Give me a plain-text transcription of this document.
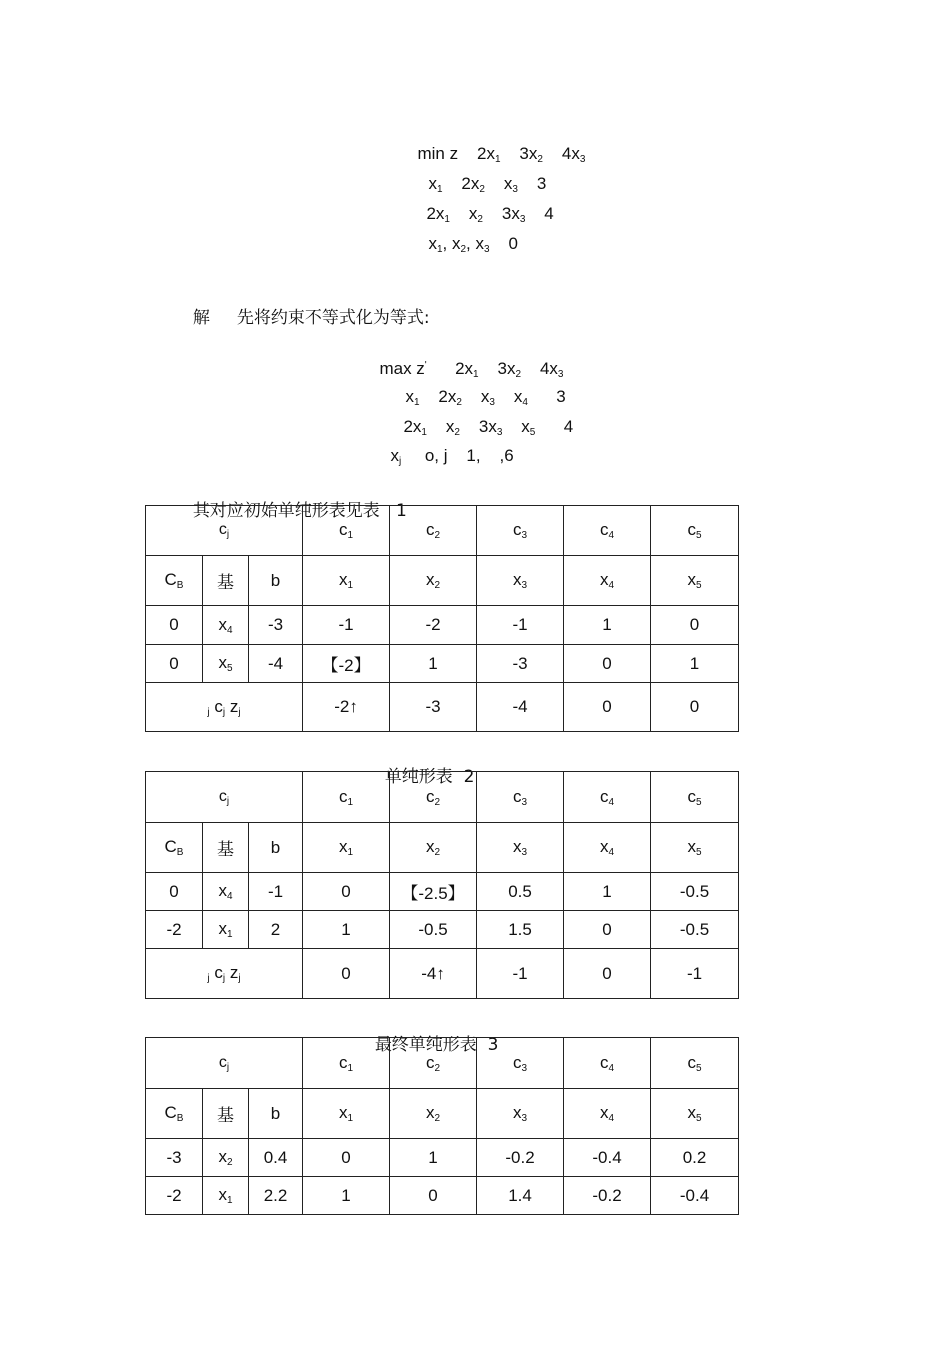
min z $2x_1$ $3x_2$ $4x_3$

$x_1$ $2x_2$ $x_3$ 3

$2x_1$ $x_2$ $3x_3$ 4

$x_1$, $x_2$, $x_3$ 0

解 先将约束不等式化为等式:

max z' $2x_1$ $3x_2$ $4x_3$

$x_1$ $2x_2$ $x_3$ $x_4$ 3

$2x_1$ $x_2$ $3x_3$ $x_5$ 4

$x_j$ o, j 1, ,6

其对应初始单纯形表见表 1

$c_j$			$c_1$	$c_2$	$c_3$	$c_4$	$c_5$
$C_B$	基	b	$x_1$	$x_2$	$x_3$	$x_4$	$x_5$
0	$x_4$	-3	-1	-2	-1	1	0
0	$x_5$	-4	【-2】	1	-3	0	1
$_j$ $c_j$ $z_j$			-2↑	-3	-4	0	0

单纯形表 2

$c_j$			$c_1$	$c_2$	$c_3$	$c_4$	$c_5$
$C_B$	基	b	$x_1$	$x_2$	$x_3$	$x_4$	$x_5$
0	$x_4$	-1	0	【-2.5】	0.5	1	-0.5
-2	$x_1$	2	1	-0.5	1.5	0	-0.5
$_j$ $c_j$ $z_j$			0	-4↑	-1	0	-1

最终单纯形表 3

$c_j$			$c_1$	$c_2$	$c_3$	$c_4$	$c_5$
$C_B$	基	b	$x_1$	$x_2$	$x_3$	$x_4$	$x_5$
-3	$x_2$	0.4	0	1	-0.2	-0.4	0.2
-2	$x_1$	2.2	1	0	1.4	-0.2	-0.4
